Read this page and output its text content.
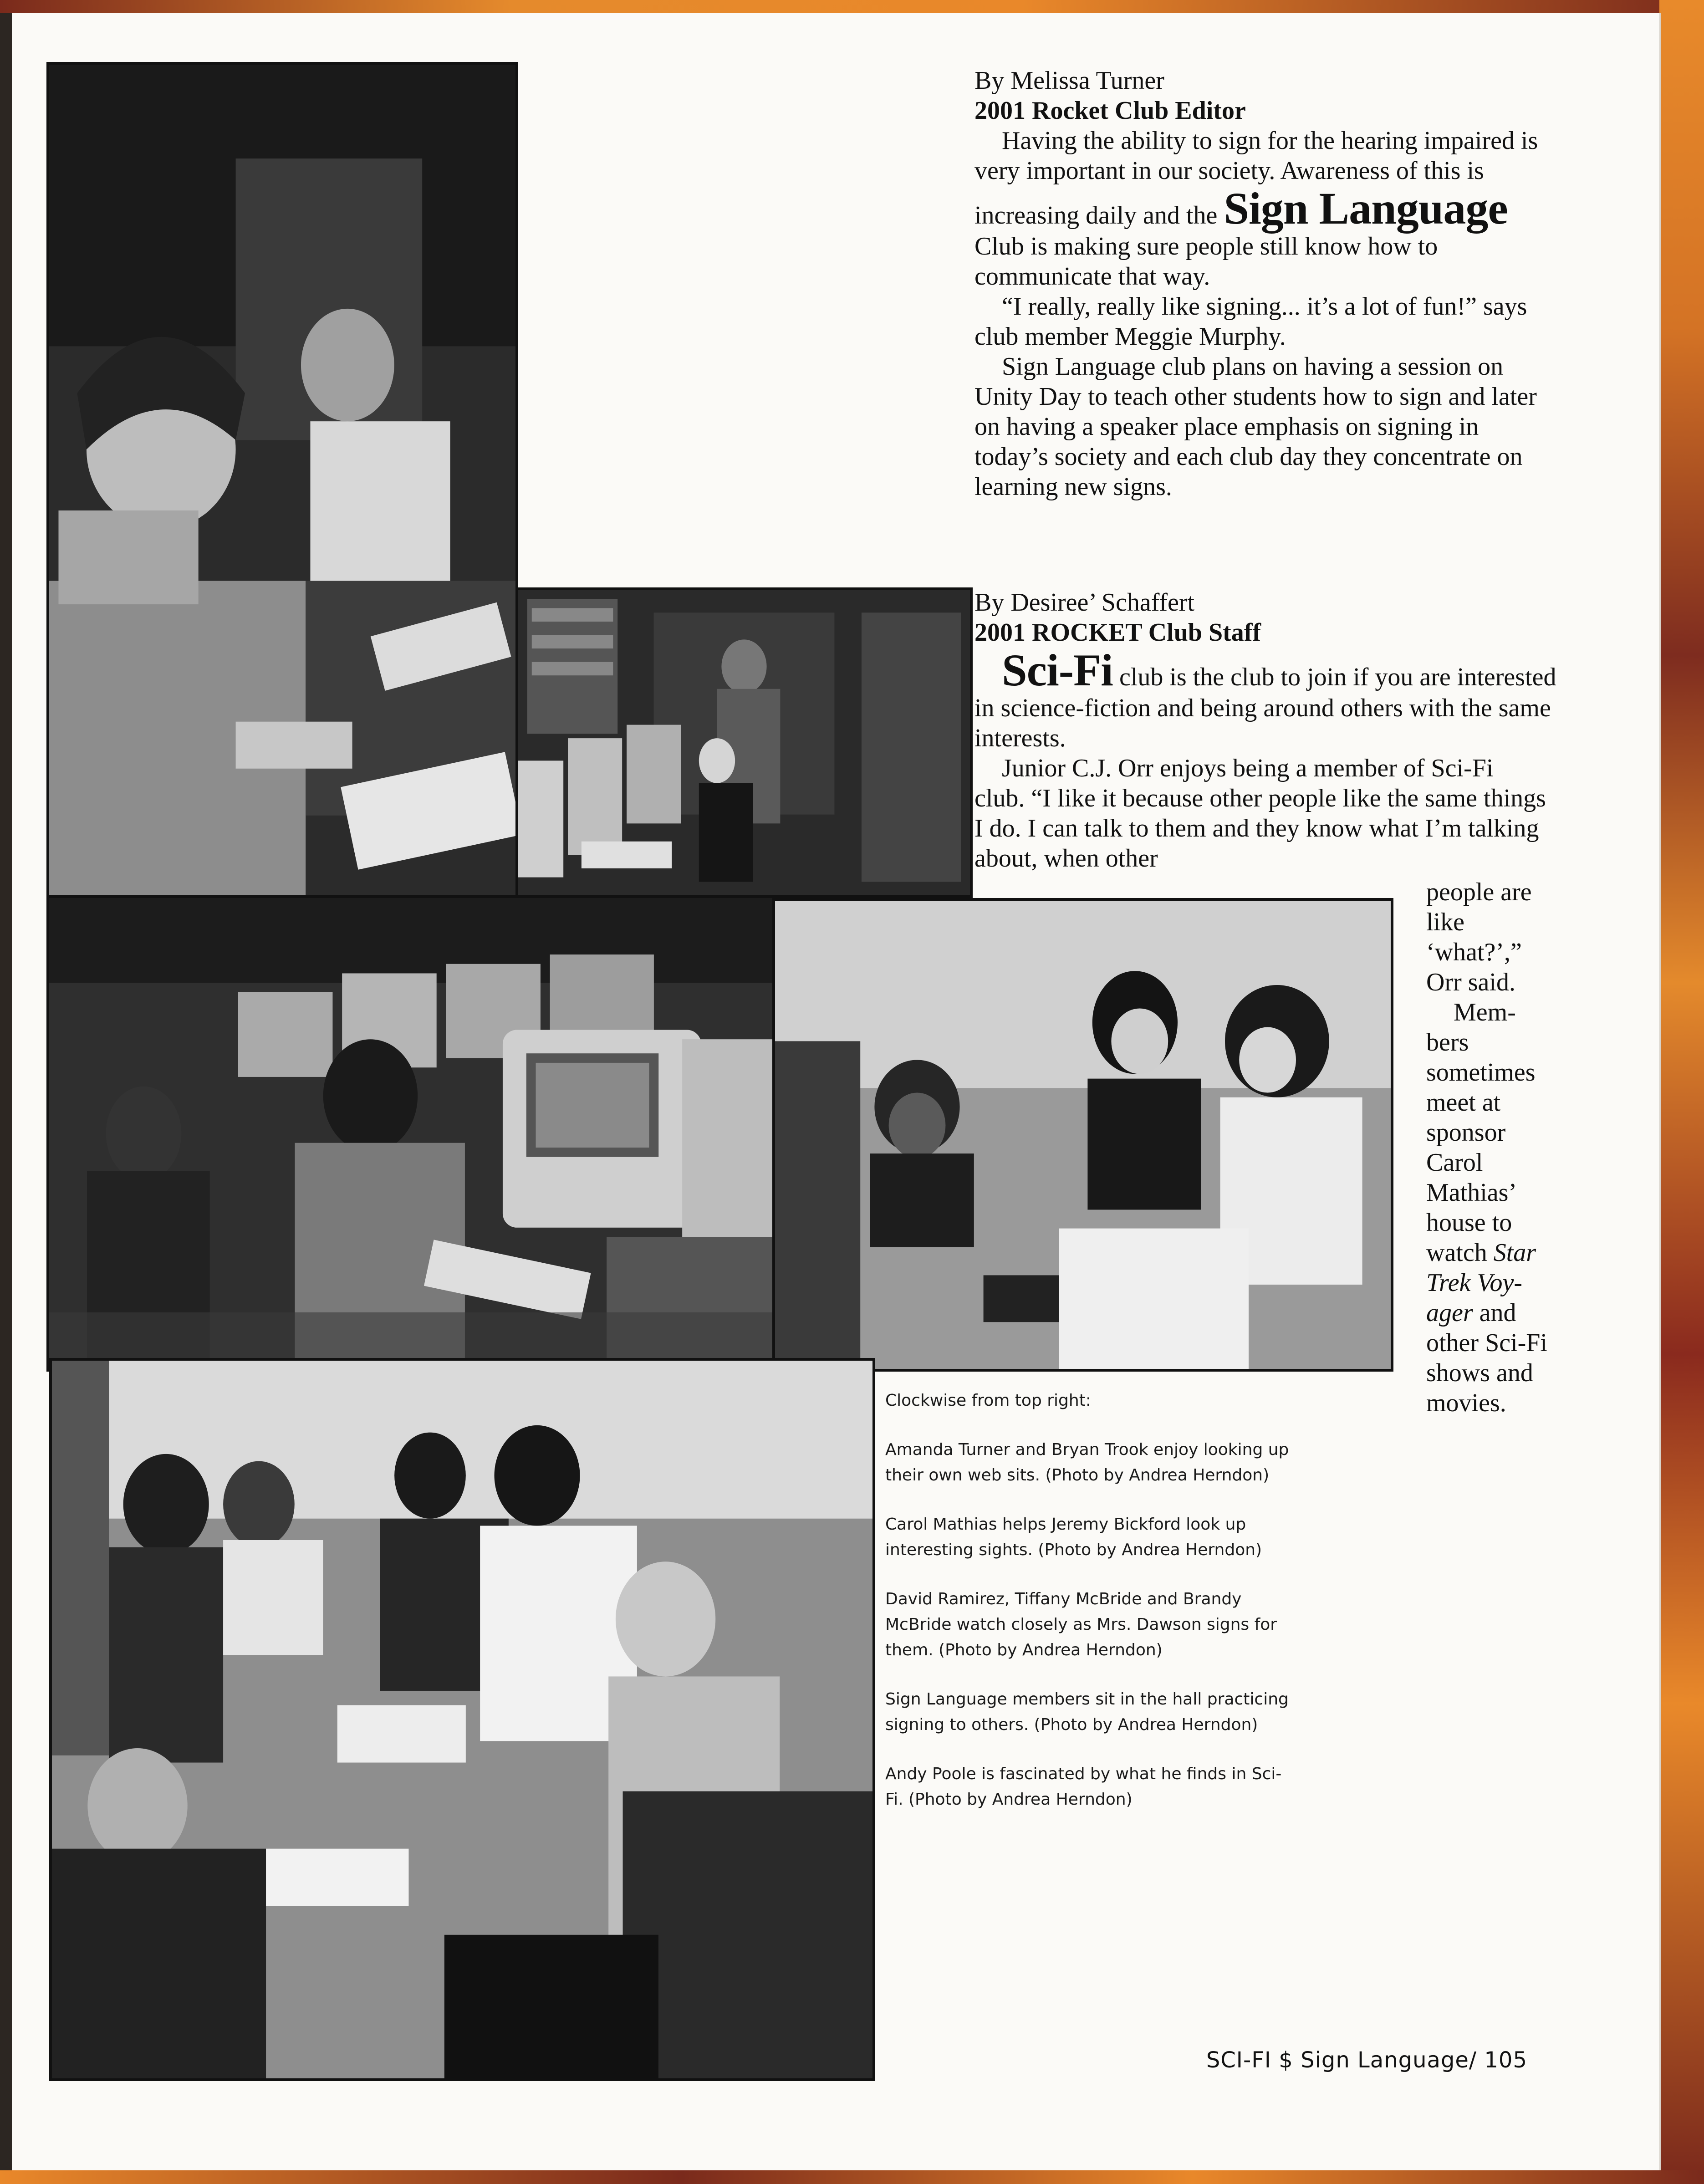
By Melissa Turner
2001 Rocket Club Editor

Having the ability to sign for the hearing impaired is very important in our society. Awareness of this is increasing daily and the Sign Language Club is making sure people still know how to communicate that way.

“I really, really like signing... it’s a lot of fun!” says club member Meggie Murphy.

Sign Language club plans on having a session on Unity Day to teach other students how to sign and later on having a speaker place emphasis on signing in today’s society and each club day they concentrate on learning new signs.

By Desiree’ Schaffert
2001 ROCKET Club Staff

Sci-Fi club is the club to join if you are interested in science-fiction and being around others with the same interests.

Junior C.J. Orr enjoys being a member of Sci-Fi club. “I like it because other people like the same things I do. I can talk to them and they know what I’m talking about, when other

people are
like
‘what?’,”
Orr said.
Mem-
bers
sometimes
meet at
sponsor
Carol
Mathias’
house to
watch Star
Trek Voy-
ager and
other Sci-Fi
shows and
movies.

Clockwise from top right:

Amanda Turner and Bryan Trook enjoy looking up their own web sits. (Photo by Andrea Herndon)

Carol Mathias helps Jeremy Bickford look up interesting sights. (Photo by Andrea Herndon)

David Ramirez, Tiffany McBride and Brandy McBride watch closely as Mrs. Dawson signs for them. (Photo by Andrea Herndon)

Sign Language members sit in the hall practicing signing to others. (Photo by Andrea Herndon)

Andy Poole is fascinated by what he finds in Sci-Fi. (Photo by Andrea Herndon)

SCI-FI $ Sign Language/ 105
